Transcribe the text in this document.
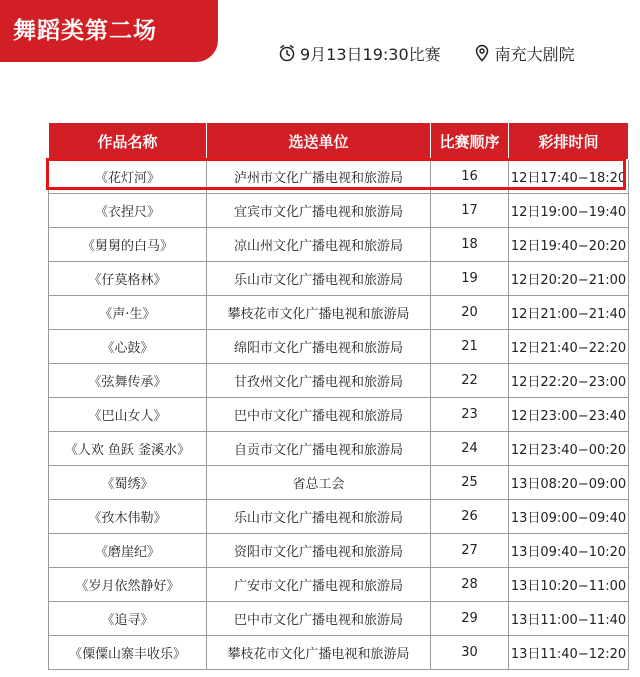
舞蹈类第二场
9月13日19:30比赛	南充大剧院
作品名称	选送单位	比赛顺序	彩排时间
《花灯河》	泸州市文化广播电视和旅游局	16	12日17:40−18:20
《衣捏尺》	宜宾市文化广播电视和旅游局	17	12日19:00−19:40
《舅舅的白马》	凉山州文化广播电视和旅游局	18	12日19:40−20:20
《仔莫格林》	乐山市文化广播电视和旅游局	19	12日20:20−21:00
《声·生》	攀枝花市文化广播电视和旅游局	20	12日21:00−21:40
《心鼓》	绵阳市文化广播电视和旅游局	21	12日21:40−22:20
《弦舞传承》	甘孜州文化广播电视和旅游局	22	12日22:20−23:00
《巴山女人》	巴中市文化广播电视和旅游局	23	12日23:00−23:40
《人欢 鱼跃 釜溪水》	自贡市文化广播电视和旅游局	24	12日23:40−00:20
《蜀绣》	省总工会	25	13日08:20−09:00
《孜木伟勒》	乐山市文化广播电视和旅游局	26	13日09:00−09:40
《磨崖纪》	资阳市文化广播电视和旅游局	27	13日09:40−10:20
《岁月依然静好》	广安市文化广播电视和旅游局	28	13日10:20−11:00
《追寻》	巴中市文化广播电视和旅游局	29	13日11:00−11:40
《傈僳山寨丰收乐》	攀枝花市文化广播电视和旅游局	30	13日11:40−12:20
